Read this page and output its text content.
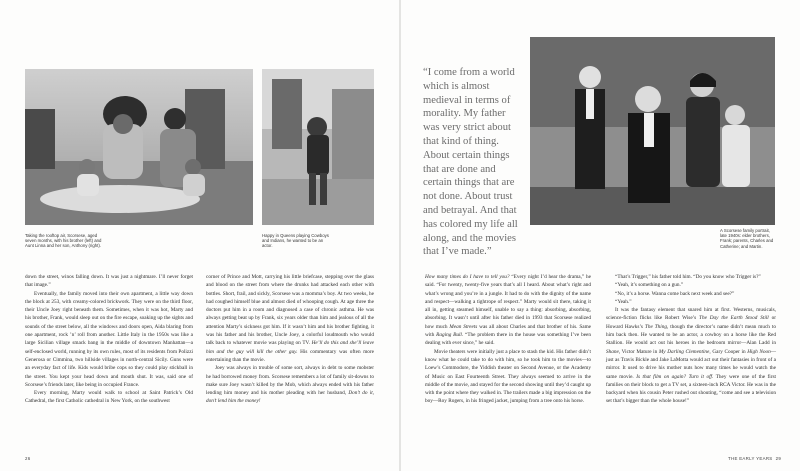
Taking the rooftop air, Scorsese, aged seven months, with his brother (left) and Aunt Linna and her son, Anthony (right).
Happy in Queens playing Cowboys and Indians, he wanted to be an actor.
“I come from a world which is almost medieval in terms of morality. My father was very strict about that kind of thing. About certain things that are done and certain things that are not done. About trust and betrayal. And that has colored my life all along, and the movies that I’ve made.”
A Scorsese family portrait, late 1940s: elder brothers, Frank; parents, Charles and Catherine; and Martin.

down the street, winos falling down. It was just a nightmare. I’ll never forget that image.”

Eventually, the family moved into their own apartment, a little way down the block at 253, with creamy-colored brickwork. They were on the third floor, their Uncle Joey right beneath them. Sometimes, when it was hot, Marty and his brother, Frank, would sleep out on the fire escape, soaking up the sights and sounds of the street below, all the windows and doors open, Aida blaring from one apartment, rock ’n’ roll from another. Little Italy in the 1950s was like a large Sicilian village smack bang in the middle of downtown Manhattan—a self-enclosed world, running by its own rules, most of its residents from Polizzi Generosa or Cimmina, two hillside villages in north-central Sicily. Guns were an everyday fact of life. Kids would bribe cops so they could play stickball in the street. You kept your head down and mouth shut. It was, said one of Scorsese’s friends later, like being in occupied France.

Every morning, Marty would walk to school at Saint Patrick’s Old Cathedral, the first Catholic cathedral in New York, on the southwest

corner of Prince and Mott, carrying his little briefcase, stepping over the glass and blood on the street from where the drunks had attacked each other with bottles. Short, frail, and sickly, Scorsese was a momma’s boy. At two weeks, he had coughed himself blue and almost died of whooping cough. At age three the doctors put him in a room and diagnosed a case of chronic asthma. He was always getting beat up by Frank, six years older than him and jealous of all the attention Marty’s sickness got him. If it wasn’t him and his brother fighting, it was his father and his brother, Uncle Joey, a colorful loudmouth who would talk back to whatever movie was playing on TV. He’ll do this and she’ll leave him and the guy will kill the other guy. His commentary was often more entertaining than the movie.

Joey was always in trouble of some sort, always in debt to some mobster he had borrowed money from. Scorsese remembers a lot of family sit-downs to make sure Joey wasn’t killed by the Mob, which always ended with his father lending him money and his mother pleading with her husband, Don’t do it, don’t lend him the money!

How many times do I have to tell you? “Every night I’d hear the drama,” he said. “For twenty, twenty-five years that’s all I heard. About what’s right and what’s wrong and you’re in a jungle. It had to do with the dignity of the name and respect—walking a tightrope of respect.” Marty would sit there, taking it all in, getting steamed himself, unable to say a thing: absorbing, absorbing, absorbing. It wasn’t until after his father died in 1993 that Scorsese realized how much Mean Streets was all about Charles and that brother of his. Same with Raging Bull. “The problem there in the house was something I’ve been dealing with ever since,” he said.

Movie theaters were initially just a place to stash the kid. His father didn’t know what he could take to do with him, so he took him to the movies—to Loew’s Commodore, the Yiddish theater on Second Avenue, or the Academy of Music on East Fourteenth Street. They always seemed to arrive in the middle of the movie, and stayed for the second showing until they’d caught up with the point where they walked in. The trailers made a big impression on the boy—Roy Rogers, in his fringed jacket, jumping from a tree onto his horse.

“That’s Trigger,” his father told him. “Do you know who Trigger is?”

“Yeah, it’s something on a gun.”

“No, it’s a horse. Wanna come back next week and see?”

“Yeah.”

It was the fantasy element that snared him at first. Westerns, musicals, science-fiction flicks like Robert Wise’s The Day the Earth Stood Still or Howard Hawks’s The Thing, though the director’s name didn’t mean much to him back then. He wanted to be an actor, a cowboy on a horse like the Red Stallion. He would act out his heroes in the bedroom mirror—Alan Ladd in Shane, Victor Mature in My Darling Clementine, Gary Cooper in High Noon—just as Travis Bickle and Jake LaMotta would act out their fantasies in front of a mirror. It used to drive his mother nuts how many times he would watch the same movie. Is that film on again? Turn it off. They were one of the first families on their block to get a TV set, a sixteen-inch RCA Victor. He was in the backyard when his cousin Peter rushed out shouting, “come and see a television set that’s bigger than the whole house!”

26	THE EARLY YEARS 29
